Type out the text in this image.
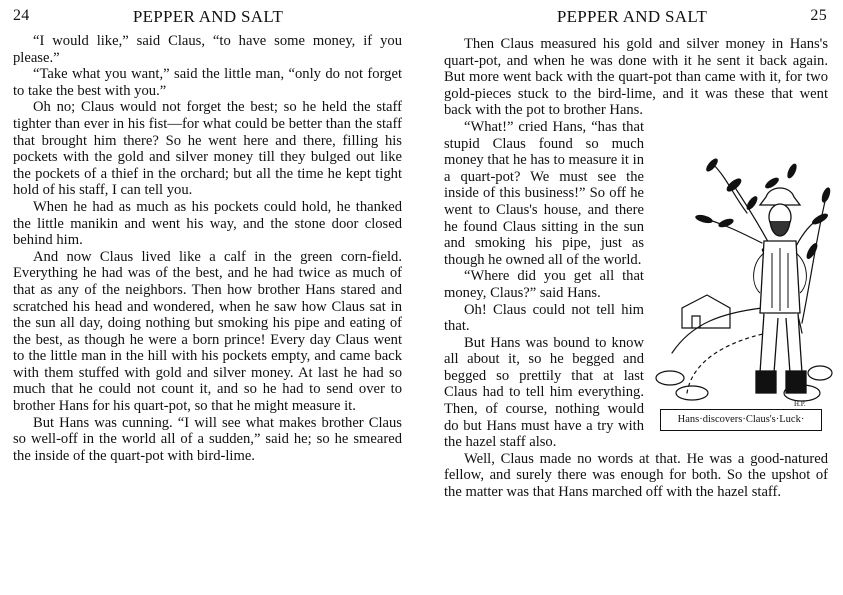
24	PEPPER AND SALT

“I would like,” said Claus, “to have some money, if you please.”

“Take what you want,” said the little man, “only do not forget to take the best with you.”

Oh no; Claus would not forget the best; so he held the staff tighter than ever in his fist—for what could be better than the staff that brought him there? So he went here and there, filling his pockets with the gold and silver money till they bulged out like the pockets of a thief in the orchard; but all the time he kept tight hold of his staff, I can tell you.

When he had as much as his pockets could hold, he thanked the little manikin and went his way, and the stone door closed behind him.

And now Claus lived like a calf in the green corn-field. Everything he had was of the best, and he had twice as much of that as any of the neighbors. Then how brother Hans stared and scratched his head and wondered, when he saw how Claus sat in the sun all day, doing nothing but smoking his pipe and eating of the best, as though he were a born prince! Every day Claus went to the little man in the hill with his pockets empty, and came back with them stuffed with gold and silver money. At last he had so much that he could not count it, and so he had to send over to brother Hans for his quart-pot, so that he might measure it.

But Hans was cunning. “I will see what makes brother Claus so well-off in the world all of a sudden,” said he; so he smeared the inside of the quart-pot with bird-lime.

PEPPER AND SALT	25

Then Claus measured his gold and silver money in Hans's quart-pot, and when he was done with it he sent it back again. But more went back with the quart-pot than came with it, for two gold-pieces stuck to the bird-lime, and it was these that went back with the pot to brother Hans.

H.P.
Hans·discovers·Claus's·Luck·

“What!” cried Hans, “has that stupid Claus found so much money that he has to measure it in a quart-pot? We must see the inside of this business!” So off he went to Claus's house, and there he found Claus sitting in the sun and smoking his pipe, just as though he owned all of the world.

“Where did you get all that money, Claus?” said Hans.

Oh! Claus could not tell him that.

But Hans was bound to know all about it, so he begged and begged so prettily that at last Claus had to tell him everything. Then, of course, nothing would do but Hans must have a try with the hazel staff also.

Well, Claus made no words at that. He was a good-natured fellow, and surely there was enough for both. So the upshot of the matter was that Hans marched off with the hazel staff.
